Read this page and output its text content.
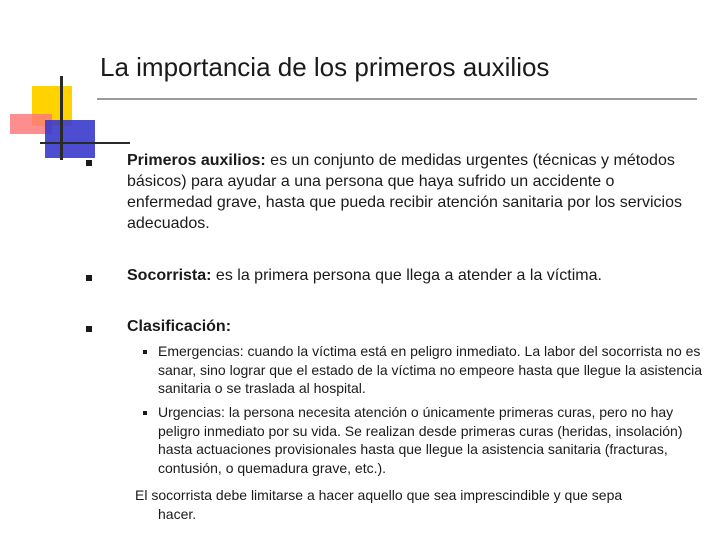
La importancia de los primeros auxilios
Primeros auxilios: es un conjunto de medidas urgentes (técnicas y métodos básicos) para ayudar a una persona que haya sufrido un accidente o enfermedad grave, hasta que pueda recibir atención sanitaria por los servicios adecuados.
Socorrista: es la primera persona que llega a atender a la víctima.
Clasificación:
Emergencias: cuando la víctima está en peligro inmediato. La labor del socorrista no es sanar, sino lograr que el estado de la víctima no empeore hasta que llegue la asistencia sanitaria o se traslada al hospital.
Urgencias: la persona necesita atención o únicamente primeras curas, pero no hay peligro inmediato por su vida. Se realizan desde primeras curas (heridas, insolación) hasta actuaciones provisionales hasta que llegue la asistencia sanitaria (fracturas, contusión, o quemadura grave, etc.).
El socorrista debe limitarse a hacer aquello que sea imprescindible y que sepa
hacer.
